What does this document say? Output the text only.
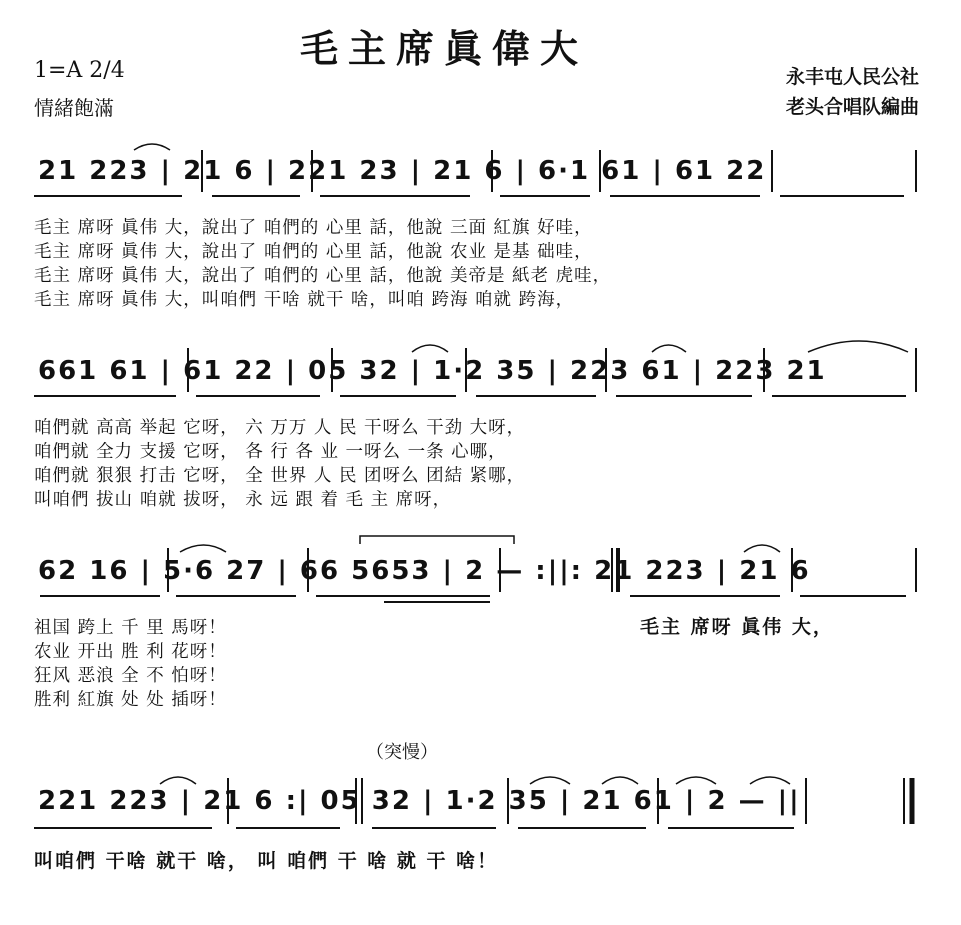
毛主席眞偉大
1=A 2/4
情緒飽滿
永丰屯人民公社
老头合唱队編曲
21 223 | 21 6 | 221 23 | 21 6 | 6·1 61 | 61 22
毛主 席呀 眞伟 大，說出了 咱們的 心里 話，他說 三面 紅旗 好哇，
毛主 席呀 眞伟 大，說出了 咱們的 心里 話，他說 农业 是基 础哇，
毛主 席呀 眞伟 大，說出了 咱們的 心里 話，他說 美帝是 紙老 虎哇，
毛主 席呀 眞伟 大，叫咱們 干啥 就干 啥，叫咱 跨海 咱就 跨海，
661 61 | 61 22 | 05 32 | 1·2 35 | 223 61 | 223 21
咱們就 高高 举起 它呀， 六 万万 人 民 干呀么 干劲 大呀，
咱們就 全力 支援 它呀， 各 行 各 业 一呀么 一条 心哪，
咱們就 狠狠 打击 它呀， 全 世界 人 民 团呀么 团結 紧哪，
叫咱們 拔山 咱就 拔呀， 永 远 跟 着 毛 主 席呀，
62 16 | 5·6 27 | 66 5653 | 2 — :||: 21 223 | 21 6
祖国 跨上 千 里 馬呀！
农业 开出 胜 利 花呀！
狂风 恶浪 全 不 怕呀！
胜利 紅旗 处 处 插呀！
毛主 席呀 眞伟 大，
（突慢）
221 223 | 21 6 :| 05 32 | 1·2 35 | 21 61 | 2 — ||
叫咱們 干啥 就干 啥， 叫 咱們 干 啥 就 干 啥！
